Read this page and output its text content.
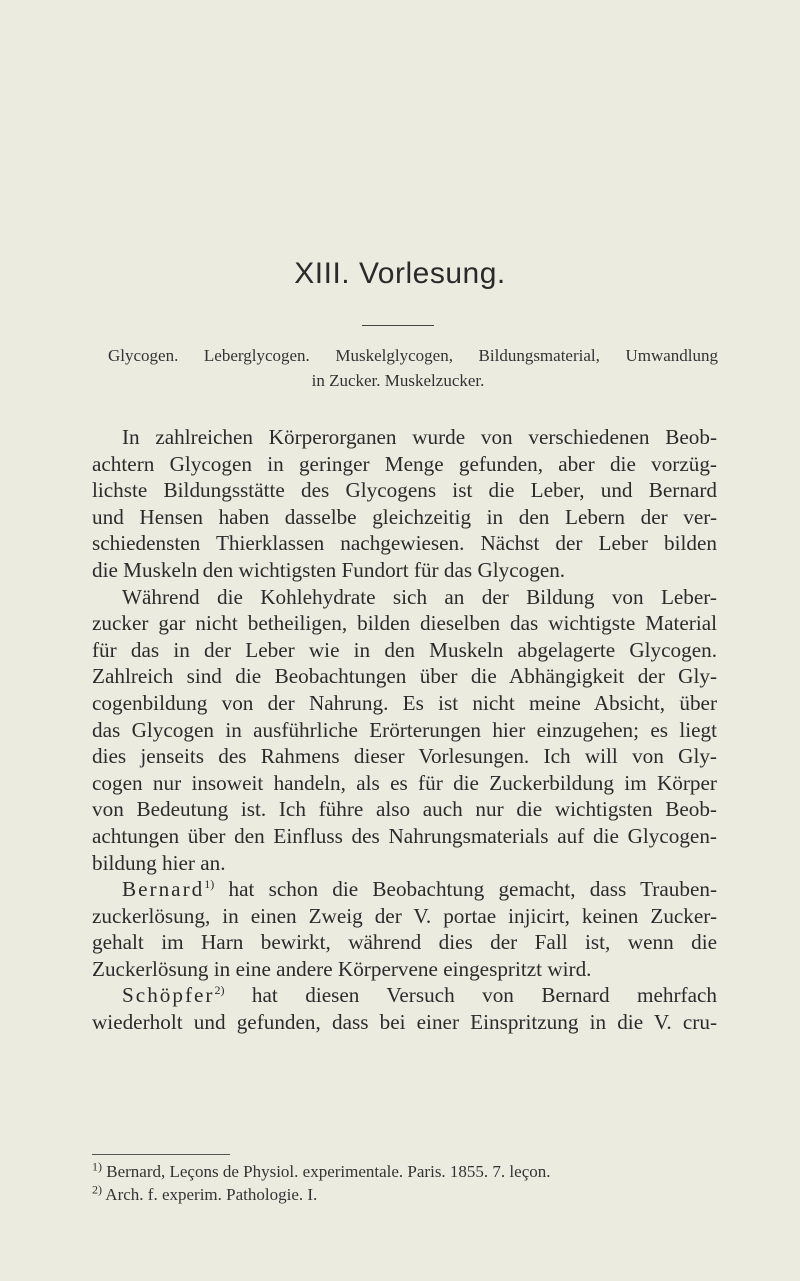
XIII. Vorlesung.
Glycogen. Leberglycogen. Muskelglycogen, Bildungsmaterial, Umwandlung
in Zucker. Muskelzucker.
In zahlreichen Körperorganen wurde von verschiedenen Beob-
achtern Glycogen in geringer Menge gefunden, aber die vorzüg-
lichste Bildungsstätte des Glycogens ist die Leber, und Bernard
und Hensen haben dasselbe gleichzeitig in den Lebern der ver-
schiedensten Thierklassen nachgewiesen. Nächst der Leber bilden
die Muskeln den wichtigsten Fundort für das Glycogen.
Während die Kohlehydrate sich an der Bildung von Leber-
zucker gar nicht betheiligen, bilden dieselben das wichtigste Material
für das in der Leber wie in den Muskeln abgelagerte Glycogen.
Zahlreich sind die Beobachtungen über die Abhängigkeit der Gly-
cogenbildung von der Nahrung. Es ist nicht meine Absicht, über
das Glycogen in ausführliche Erörterungen hier einzugehen; es liegt
dies jenseits des Rahmens dieser Vorlesungen. Ich will von Gly-
cogen nur insoweit handeln, als es für die Zuckerbildung im Körper
von Bedeutung ist. Ich führe also auch nur die wichtigsten Beob-
achtungen über den Einfluss des Nahrungsmaterials auf die Glycogen-
bildung hier an.
Bernard$^{1)}$ hat schon die Beobachtung gemacht, dass Trauben-
zuckerlösung, in einen Zweig der V. portae injicirt, keinen Zucker-
gehalt im Harn bewirkt, während dies der Fall ist, wenn die
Zuckerlösung in eine andere Körpervene eingespritzt wird.
Schöpfer$^{2)}$ hat diesen Versuch von Bernard mehrfach
wiederholt und gefunden, dass bei einer Einspritzung in die V. cru-
$^{1)}$ Bernard, Leçons de Physiol. experimentale. Paris. 1855. 7. leçon.
$^{2)}$ Arch. f. experim. Pathologie. I.
